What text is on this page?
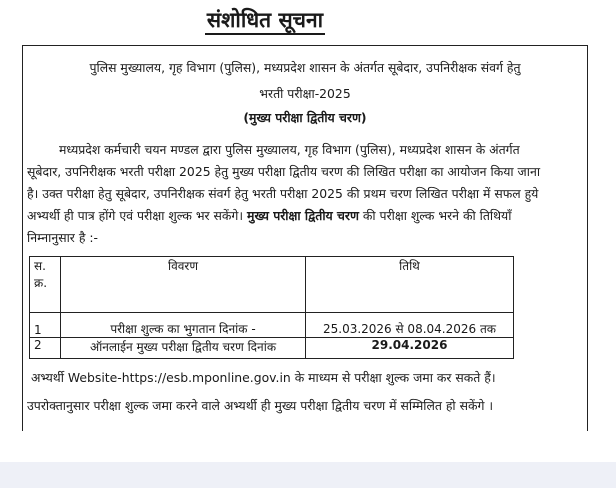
संशोधित सूचना
पुलिस मुख्यालय, गृह विभाग (पुलिस), मध्यप्रदेश शासन के अंतर्गत सूबेदार, उपनिरीक्षक संवर्ग हेतु
भरती परीक्षा-2025
(मुख्य परीक्षा द्वितीय चरण)
मध्यप्रदेश कर्मचारी चयन मण्डल द्वारा पुलिस मुख्यालय, गृह विभाग (पुलिस), मध्यप्रदेश शासन के अंतर्गत
सूबेदार, उपनिरीक्षक भरती परीक्षा 2025 हेतु मुख्य परीक्षा द्वितीय चरण की लिखित परीक्षा का आयोजन किया जाना
है। उक्त परीक्षा हेतु सूबेदार, उपनिरीक्षक संवर्ग हेतु भरती परीक्षा 2025 की प्रथम चरण लिखित परीक्षा में सफल हुये
अभ्यर्थी ही पात्र होंगे एवं परीक्षा शुल्क भर सकेंगे। मुख्य परीक्षा द्वितीय चरण की परीक्षा शुल्क भरने की तिथियाँ
निम्नानुसार है :-
स.
क्र.	विवरण	तिथि
1	परीक्षा शुल्क का भुगतान दिनांक -	25.03.2026 से 08.04.2026 तक
2	ऑनलाईन मुख्य परीक्षा द्वितीय चरण दिनांक	29.04.2026
अभ्यर्थी Website-https://esb.mponline.gov.in के माध्यम से परीक्षा शुल्क जमा कर सकते हैं।
उपरोक्तानुसार परीक्षा शुल्क जमा करने वाले अभ्यर्थी ही मुख्य परीक्षा द्वितीय चरण में सम्मिलित हो सकेंगे ।
